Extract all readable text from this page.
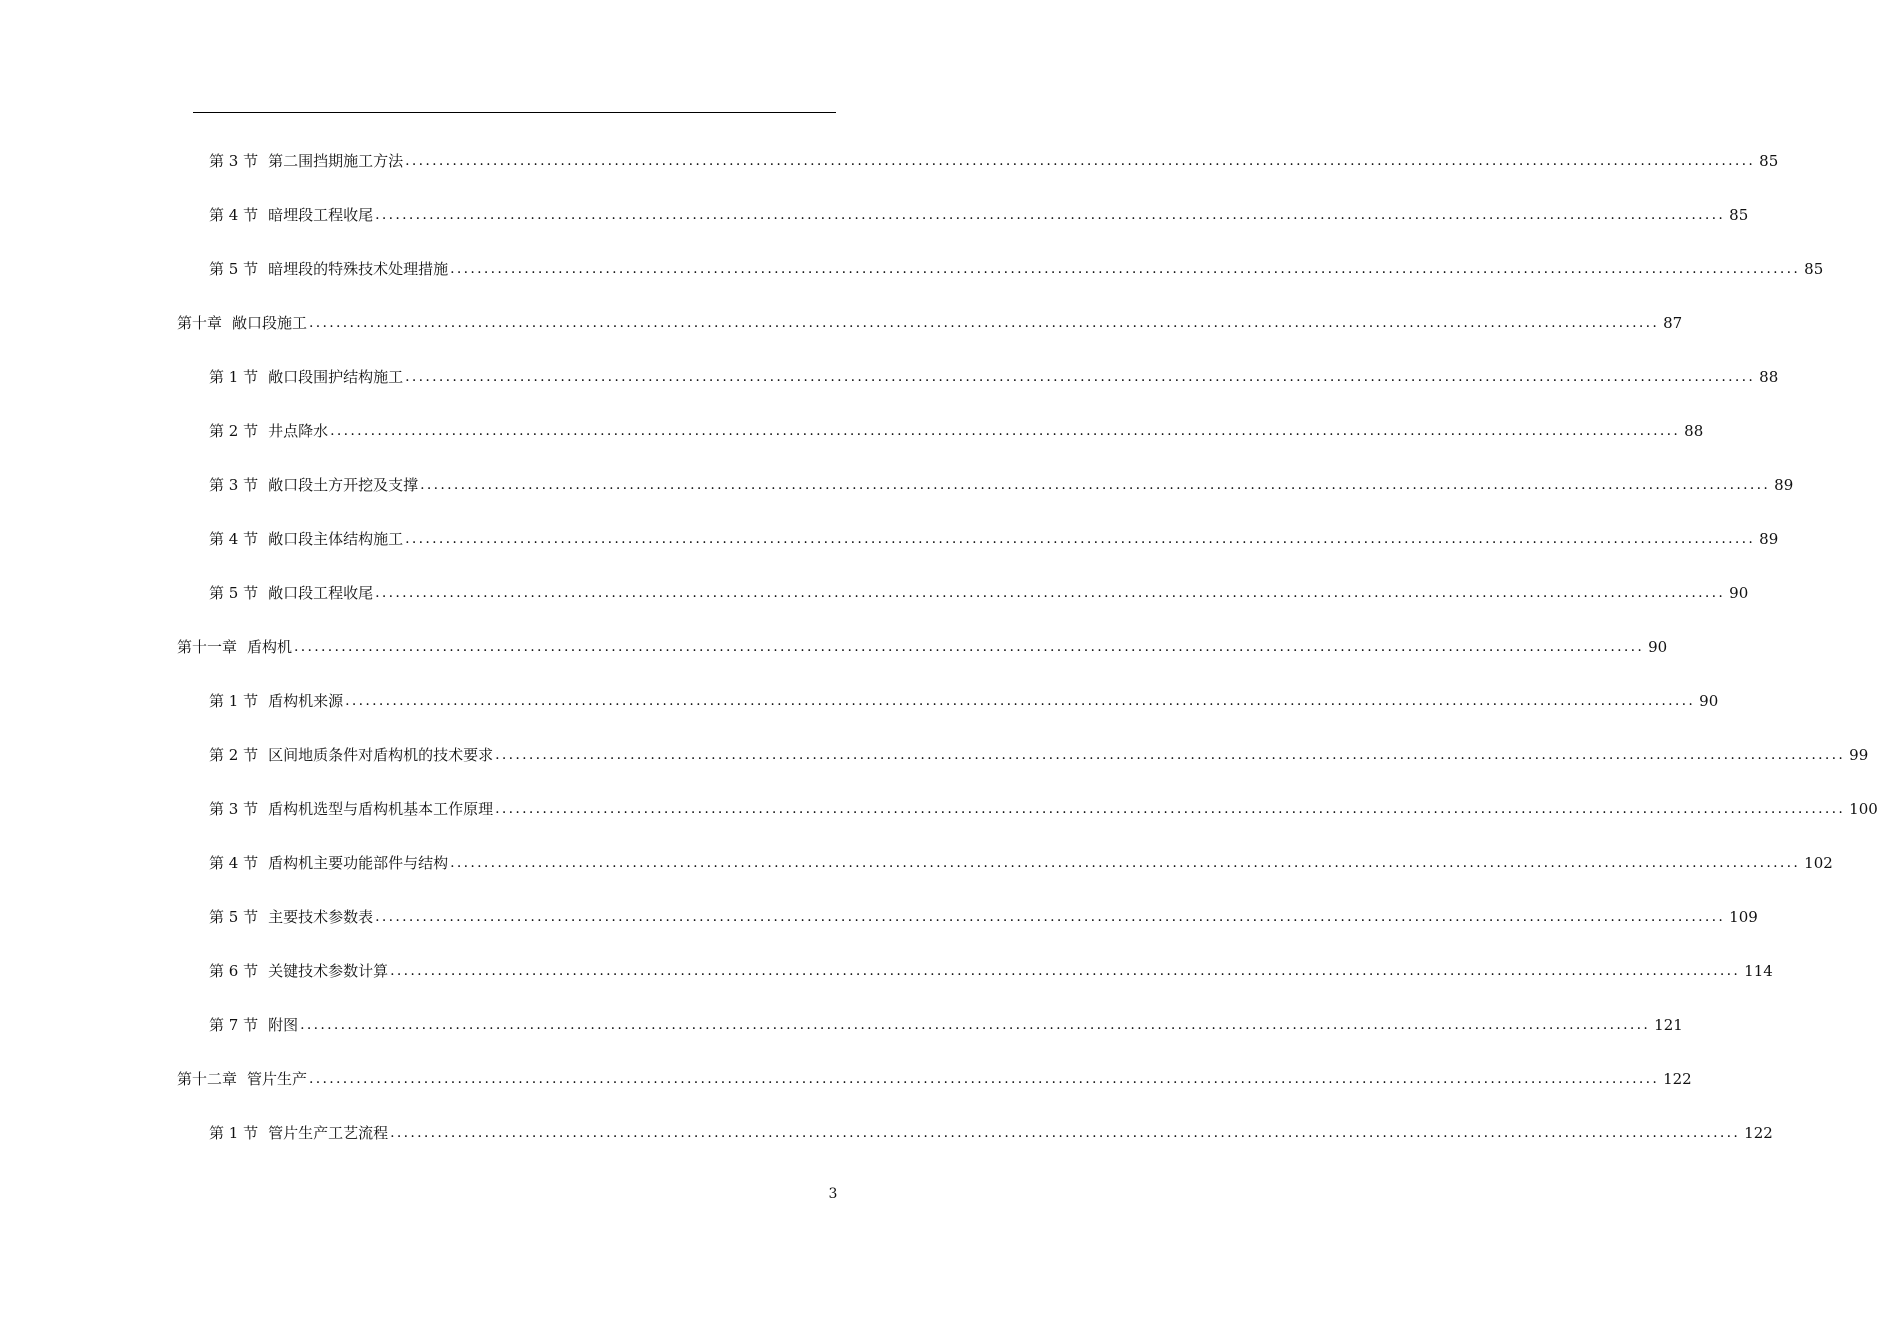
第 3 节 第二围挡期施工方法 ........................................................................................................................................................................................................ 85
第 4 节 暗埋段工程收尾 ........................................................................................................................................................................................................ 85
第 5 节 暗埋段的特殊技术处理措施 ........................................................................................................................................................................................................ 85
第十章 敞口段施工 ........................................................................................................................................................................................................ 87
第 1 节 敞口段围护结构施工 ........................................................................................................................................................................................................ 88
第 2 节 井点降水 ........................................................................................................................................................................................................ 88
第 3 节 敞口段土方开挖及支撑 ........................................................................................................................................................................................................ 89
第 4 节 敞口段主体结构施工 ........................................................................................................................................................................................................ 89
第 5 节 敞口段工程收尾 ........................................................................................................................................................................................................ 90
第十一章 盾构机 ........................................................................................................................................................................................................ 90
第 1 节 盾构机来源 ........................................................................................................................................................................................................ 90
第 2 节 区间地质条件对盾构机的技术要求 ........................................................................................................................................................................................................ 99
第 3 节 盾构机选型与盾构机基本工作原理 ........................................................................................................................................................................................................ 100
第 4 节 盾构机主要功能部件与结构 ........................................................................................................................................................................................................ 102
第 5 节 主要技术参数表 ........................................................................................................................................................................................................ 109
第 6 节 关键技术参数计算 ........................................................................................................................................................................................................ 114
第 7 节 附图 ........................................................................................................................................................................................................ 121
第十二章 管片生产 ........................................................................................................................................................................................................ 122
第 1 节 管片生产工艺流程 ........................................................................................................................................................................................................ 122
3
